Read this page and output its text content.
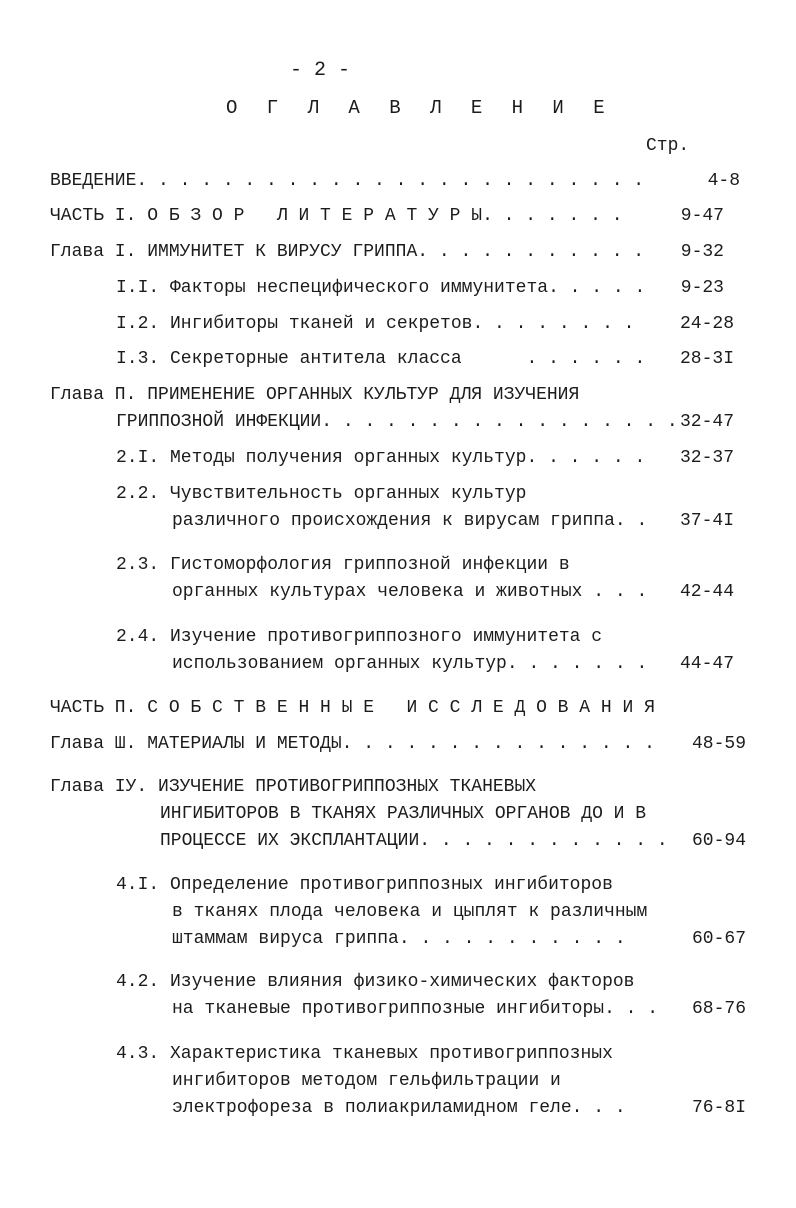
- 2 -
О Г Л А В Л Е Н И Е
Стр.
ВВЕДЕНИЕ. . . . . . . . . . . . . . . . . . . . . . . .	4-8
ЧАСТЬ I. О Б З О Р   Л И Т Е Р А Т У Р Ы. . . . . . .	9-47
Глава I. ИММУНИТЕТ К ВИРУСУ ГРИППА. . . . . . . . . . . 9-32
I.I. Факторы неспецифического иммунитета. . . . . 9-23
I.2. Ингибиторы тканей и секретов. . . . . . . .	24-28
I.3. Секреторные антитела класса      . . . . . . 28-3I
Глава П. ПРИМЕНЕНИЕ ОРГАННЫХ КУЛЬТУР ДЛЯ ИЗУЧЕНИЯ
ГРИППОЗНОЙ ИНФЕКЦИИ. . . . . . . . . . . . . . . . . 32-47
2.I. Методы получения органных культур. . . . . . 32-37
2.2. Чувствительность органных культур
различного происхождения к вирусам гриппа. . 37-4I
2.3. Гистоморфология гриппозной инфекции в
органных культурах человека и животных . . . 42-44
2.4. Изучение противогриппозного иммунитета с
использованием органных культур. . . . . . . 44-47
ЧАСТЬ П. С О Б С Т В Е Н Н Ы Е   И С С Л Е Д О В А Н И Я
Глава Ш. МАТЕРИАЛЫ И МЕТОДЫ. . . . . . . . . . . . . . . 48-59
Глава IУ. ИЗУЧЕНИЕ ПРОТИВОГРИППОЗНЫХ ТКАНЕВЫХ
ИНГИБИТОРОВ В ТКАНЯХ РАЗЛИЧНЫХ ОРГАНОВ ДО И В
ПРОЦЕССЕ ИХ ЭКСПЛАНТАЦИИ. . . . . . . . . . . . 60-94
4.I. Определение противогриппозных ингибиторов
в тканях плода человека и цыплят к различным
штаммам вируса гриппа. . . . . . . . . . .	60-67
4.2. Изучение влияния физико-химических факторов
на тканевые противогриппозные ингибиторы. . . 68-76
4.3. Характеристика тканевых противогриппозных
ингибиторов методом гельфильтрации и
электрофореза в полиакриламидном геле. . .	76-8I
